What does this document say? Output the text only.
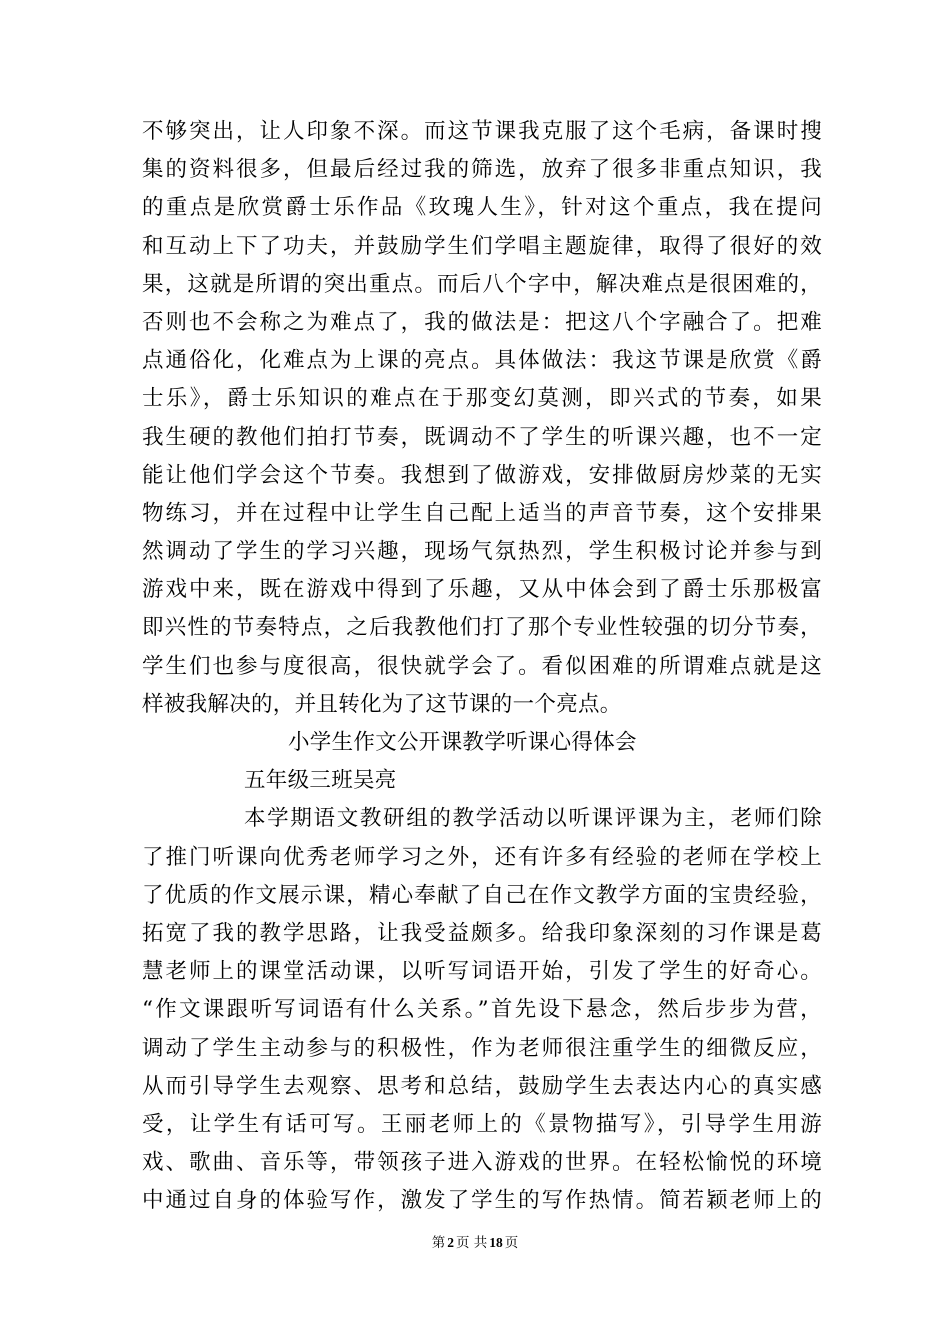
不够突出，让人印象不深。而这节课我克服了这个毛病，备课时搜
集的资料很多，但最后经过我的筛选，放弃了很多非重点知识，我
的重点是欣赏爵士乐作品《玫瑰人生》，针对这个重点，我在提问
和互动上下了功夫，并鼓励学生们学唱主题旋律，取得了很好的效
果，这就是所谓的突出重点。而后八个字中，解决难点是很困难的，
否则也不会称之为难点了，我的做法是：把这八个字融合了。把难
点通俗化，化难点为上课的亮点。具体做法：我这节课是欣赏《爵
士乐》，爵士乐知识的难点在于那变幻莫测，即兴式的节奏，如果
我生硬的教他们拍打节奏，既调动不了学生的听课兴趣，也不一定
能让他们学会这个节奏。我想到了做游戏，安排做厨房炒菜的无实
物练习，并在过程中让学生自己配上适当的声音节奏，这个安排果
然调动了学生的学习兴趣，现场气氛热烈，学生积极讨论并参与到
游戏中来，既在游戏中得到了乐趣，又从中体会到了爵士乐那极富
即兴性的节奏特点，之后我教他们打了那个专业性较强的切分节奏，
学生们也参与度很高，很快就学会了。看似困难的所谓难点就是这
样被我解决的，并且转化为了这节课的一个亮点。
小学生作文公开课教学听课心得体会
五年级三班吴亮
本学期语文教研组的教学活动以听课评课为主，老师们除
了推门听课向优秀老师学习之外，还有许多有经验的老师在学校上
了优质的作文展示课，精心奉献了自己在作文教学方面的宝贵经验，
拓宽了我的教学思路，让我受益颇多。给我印象深刻的习作课是葛
慧老师上的课堂活动课，以听写词语开始，引发了学生的好奇心。
“作文课跟听写词语有什么关系。”首先设下悬念，然后步步为营，
调动了学生主动参与的积极性，作为老师很注重学生的细微反应，
从而引导学生去观察、思考和总结，鼓励学生去表达内心的真实感
受，让学生有话可写。王丽老师上的《景物描写》，引导学生用游
戏、歌曲、音乐等，带领孩子进入游戏的世界。在轻松愉悦的环境
中通过自身的体验写作，激发了学生的写作热情。简若颖老师上的
第 2 页 共 18 页
